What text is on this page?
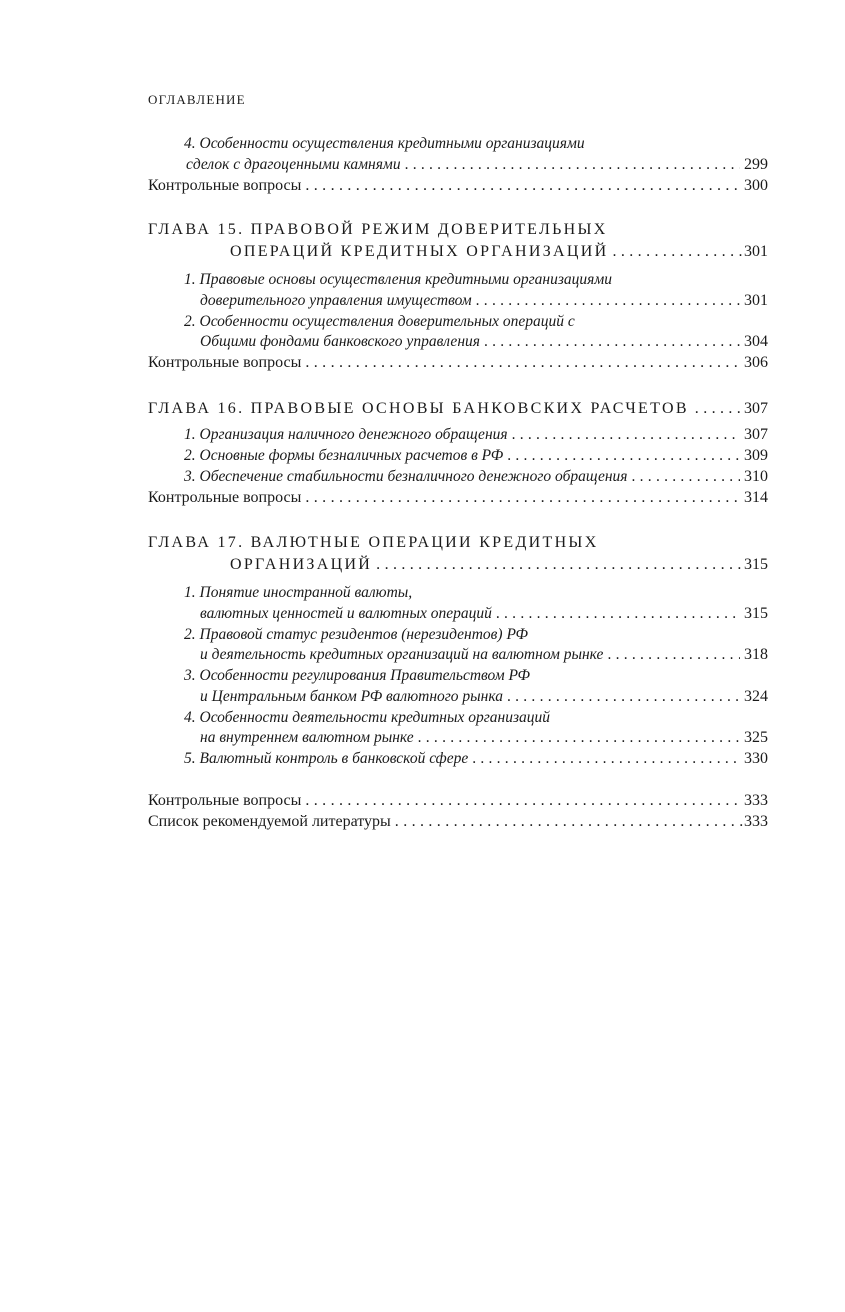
ОГЛАВЛЕНИЕ
4. Особенности осуществления кредитными организациями
сделок с драгоценными камнями . . .	299
Контрольные вопросы . . .	300
ГЛАВА 15. ПРАВОВОЙ РЕЖИМ ДОВЕРИТЕЛЬНЫХ
ОПЕРАЦИЙ КРЕДИТНЫХ ОРГАНИЗАЦИЙ . . .	301
1. Правовые основы осуществления кредитными организациями
доверительного управления имуществом . . .	301
2. Особенности осуществления доверительных операций с
Общими фондами банковского управления . . .	304
Контрольные вопросы . . .	306
ГЛАВА 16. ПРАВОВЫЕ ОСНОВЫ БАНКОВСКИХ РАСЧЕТОВ . . .	307
1. Организация наличного денежного обращения . . .	307
2. Основные формы безналичных расчетов в РФ . . .	309
3. Обеспечение стабильности безналичного денежного обращения . . .	310
Контрольные вопросы . . .	314
ГЛАВА 17. ВАЛЮТНЫЕ ОПЕРАЦИИ КРЕДИТНЫХ
ОРГАНИЗАЦИЙ . . .	315
1. Понятие иностранной валюты,
валютных ценностей и валютных операций . . .	315
2. Правовой статус резидентов (нерезидентов) РФ
и деятельность кредитных организаций на валютном рынке . . .	318
3. Особенности регулирования Правительством РФ
и Центральным банком РФ валютного рынка . . .	324
4. Особенности деятельности кредитных организаций
на внутреннем валютном рынке . . .	325
5. Валютный контроль в банковской сфере . . .	330
Контрольные вопросы . . .	333
Список рекомендуемой литературы . . .	333
